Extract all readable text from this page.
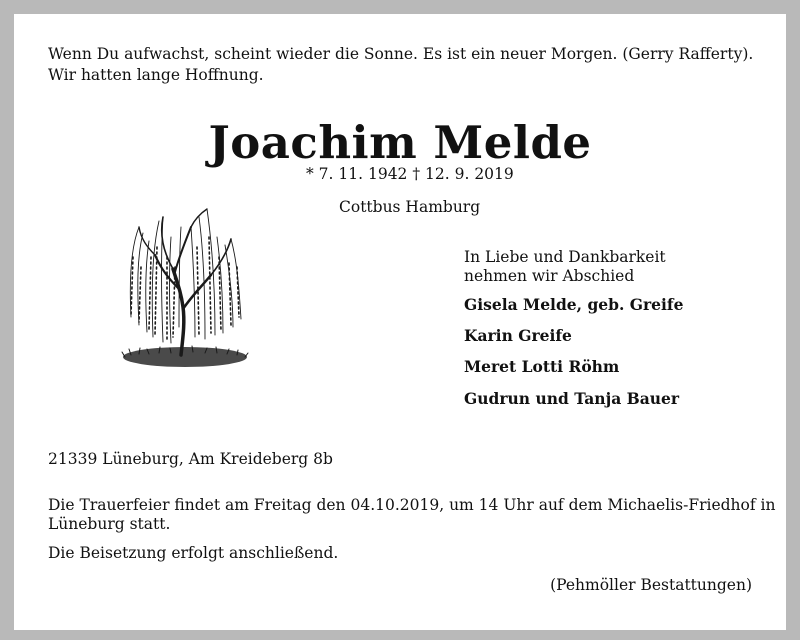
Wenn Du aufwachst, scheint wieder die Sonne. Es ist ein neuer Morgen. (Gerry Rafferty).
Wir hatten lange Hoffnung.
Joachim Melde
* 7. 11. 1942 † 12. 9. 2019
Cottbus Hamburg
In Liebe und Dankbarkeit
nehmen wir Abschied
Gisela Melde, geb. Greife
Karin Greife
Meret Lotti Röhm
Gudrun und Tanja Bauer
21339 Lüneburg, Am Kreideberg 8b
Die Trauerfeier findet am Freitag den 04.10.2019, um 14 Uhr auf dem Michaelis-Friedhof in
Lüneburg statt.
Die Beisetzung erfolgt anschließend.
(Pehmöller Bestattungen)
